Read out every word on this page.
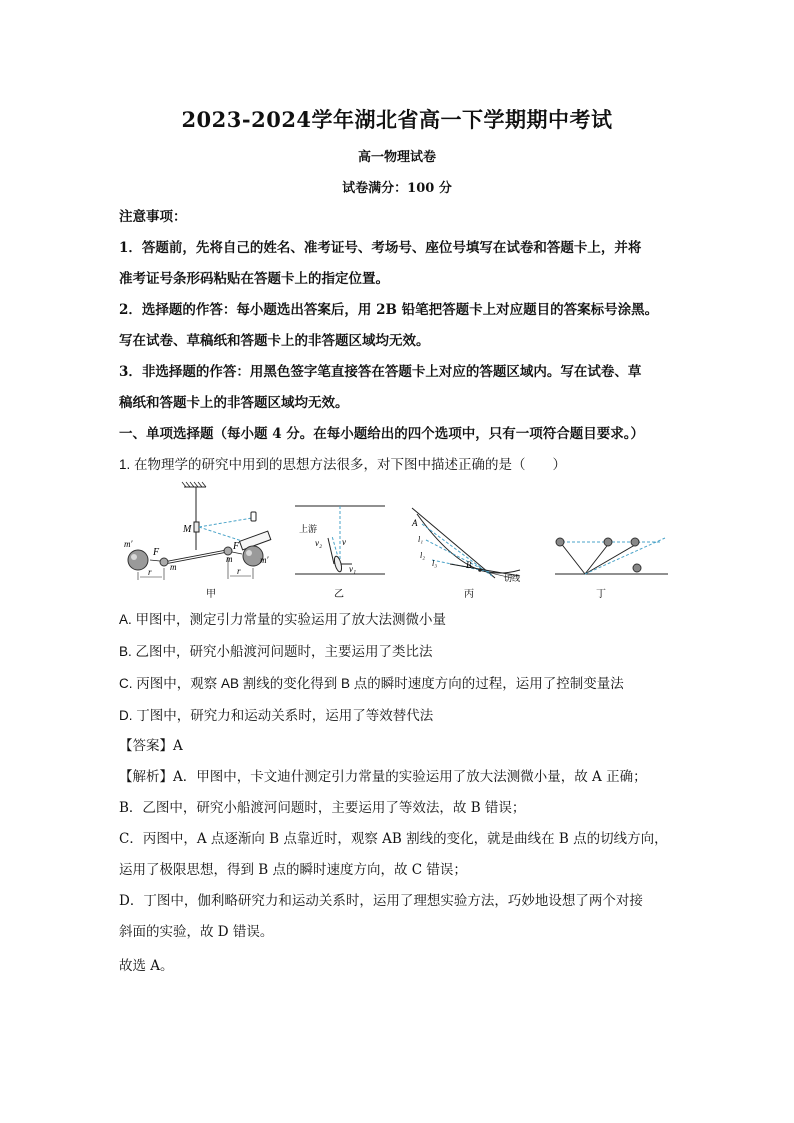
2023-2024学年湖北省高一下学期期中考试
高一物理试卷
试卷满分：100 分
注意事项：
1．答题前，先将自己的姓名、准考证号、考场号、座位号填写在试卷和答题卡上，并将
准考证号条形码粘贴在答题卡上的指定位置。
2．选择题的作答：每小题选出答案后，用 2B 铅笔把答题卡上对应题目的答案标号涂黑。
写在试卷、草稿纸和答题卡上的非答题区域均无效。
3．非选择题的作答：用黑色签字笔直接答在答题卡上对应的答题区域内。写在试卷、草
稿纸和答题卡上的非答题区域均无效。
一、单项选择题（每小题 4 分。在每小题给出的四个选项中，只有一项符合题目要求。）
1. 在物理学的研究中用到的思想方法很多，对下图中描述正确的是（　　）
M
m′
m′
F
F
m
m
r	r
甲
上游
v₂ v
v₁
乙
A
l₁
l₂
l₃	B
切线
丙	丁
A. 甲图中，测定引力常量的实验运用了放大法测微小量
B. 乙图中，研究小船渡河问题时，主要运用了类比法
C. 丙图中，观察 AB 割线的变化得到 B 点的瞬时速度方向的过程，运用了控制变量法
D. 丁图中，研究力和运动关系时，运用了等效替代法
【答案】A
【解析】A．甲图中，卡文迪什测定引力常量的实验运用了放大法测微小量，故 A 正确；
B．乙图中，研究小船渡河问题时，主要运用了等效法，故 B 错误；
C．丙图中，A 点逐渐向 B 点靠近时，观察 AB 割线的变化，就是曲线在 B 点的切线方向，
运用了极限思想，得到 B 点的瞬时速度方向，故 C 错误；
D．丁图中，伽利略研究力和运动关系时，运用了理想实验方法，巧妙地设想了两个对接
斜面的实验，故 D 错误。
故选 A。
